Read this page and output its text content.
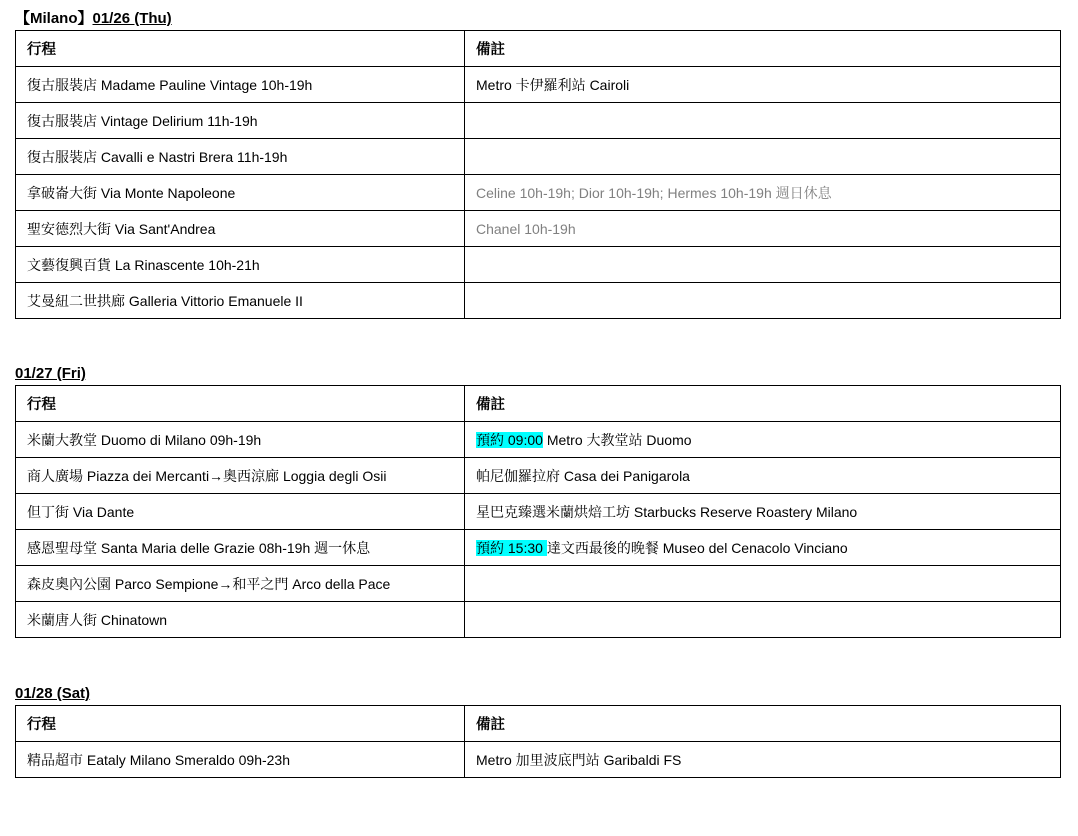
【Milano】01/26 (Thu)
行程	備註
復古服裝店 Madame Pauline Vintage 10h-19h	Metro 卡伊羅利站 Cairoli
復古服裝店 Vintage Delirium 11h-19h	
復古服裝店 Cavalli e Nastri Brera 11h-19h	
拿破崙大街 Via Monte Napoleone	Celine 10h-19h; Dior 10h-19h; Hermes 10h-19h 週日休息
聖安德烈大街 Via Sant'Andrea	Chanel 10h-19h
文藝復興百貨 La Rinascente 10h-21h	
艾曼紐二世拱廊 Galleria Vittorio Emanuele II	
01/27 (Fri)
行程	備註
米蘭大教堂 Duomo di Milano 09h-19h	預約 09:00 Metro 大教堂站 Duomo
商人廣場 Piazza dei Mercanti→奧西涼廊 Loggia degli Osii	帕尼伽羅拉府 Casa dei Panigarola
但丁街 Via Dante	星巴克臻選米蘭烘焙工坊 Starbucks Reserve Roastery Milano
感恩聖母堂 Santa Maria delle Grazie 08h-19h 週一休息	預約 15:30 達文西最後的晚餐 Museo del Cenacolo Vinciano
森皮奧內公園 Parco Sempione→和平之門 Arco della Pace	
米蘭唐人街 Chinatown	
01/28 (Sat)
行程	備註
精品超市 Eataly Milano Smeraldo 09h-23h	Metro 加里波底門站 Garibaldi FS
